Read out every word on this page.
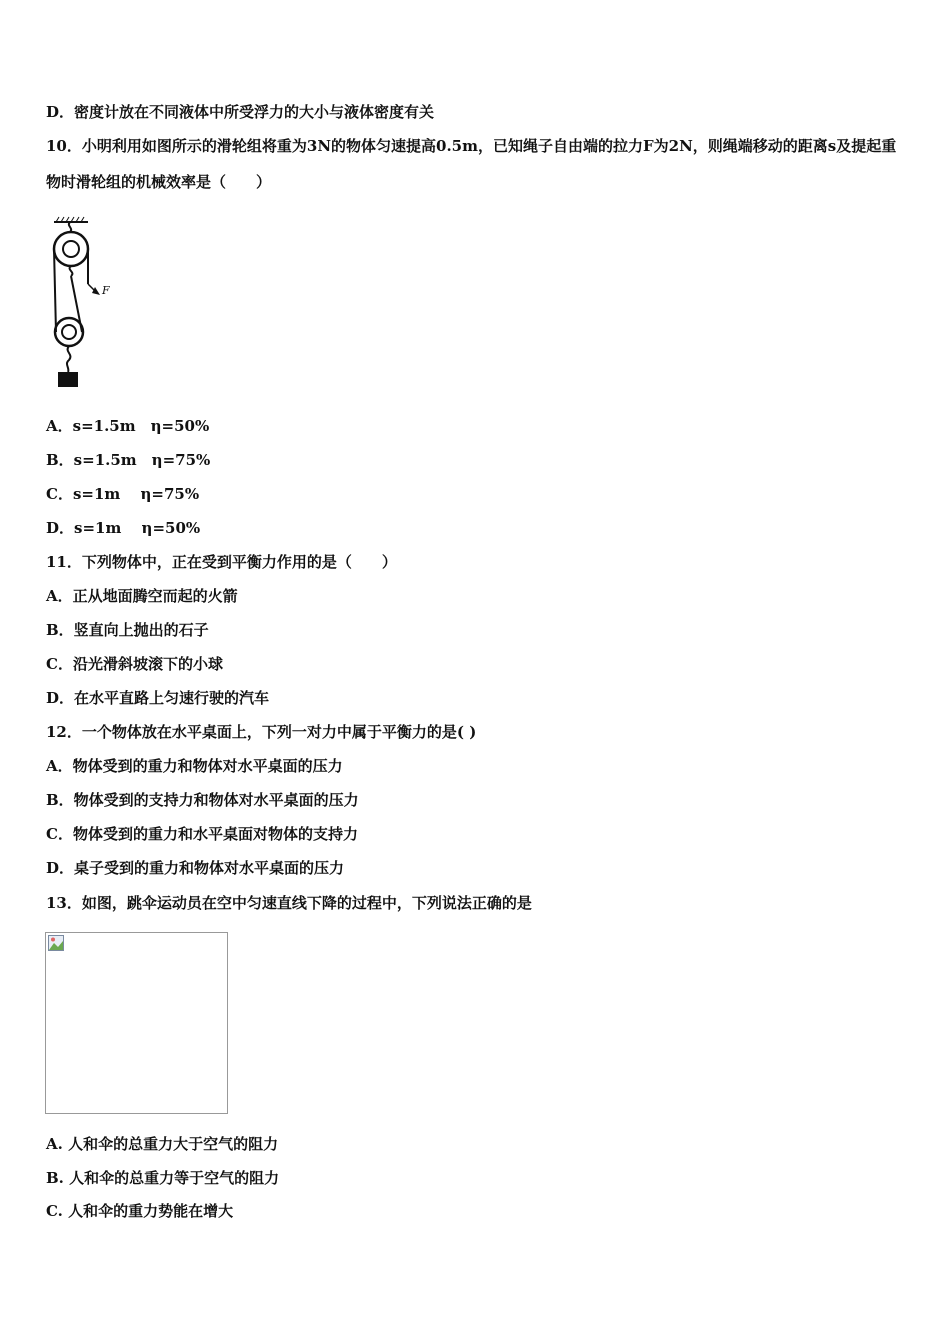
D．密度计放在不同液体中所受浮力的大小与液体密度有关
10．小明利用如图所示的滑轮组将重为3N的物体匀速提高0.5m，已知绳子自由端的拉力F为2N，则绳端移动的距离s及提起重物时滑轮组的机械效率是（　　）
F
A．s=1.5m　η=50%
B．s=1.5m　η=75%
C．s=1m　 η=75%
D．s=1m　 η=50%
11．下列物体中，正在受到平衡力作用的是（　　）
A．正从地面腾空而起的火箭
B．竖直向上抛出的石子
C．沿光滑斜坡滚下的小球
D．在水平直路上匀速行驶的汽车
12．一个物体放在水平桌面上，下列一对力中属于平衡力的是( )
A．物体受到的重力和物体对水平桌面的压力
B．物体受到的支持力和物体对水平桌面的压力
C．物体受到的重力和水平桌面对物体的支持力
D．桌子受到的重力和物体对水平桌面的压力
13．如图，跳伞运动员在空中匀速直线下降的过程中，下列说法正确的是
A. 人和伞的总重力大于空气的阻力
B. 人和伞的总重力等于空气的阻力
C. 人和伞的重力势能在增大
